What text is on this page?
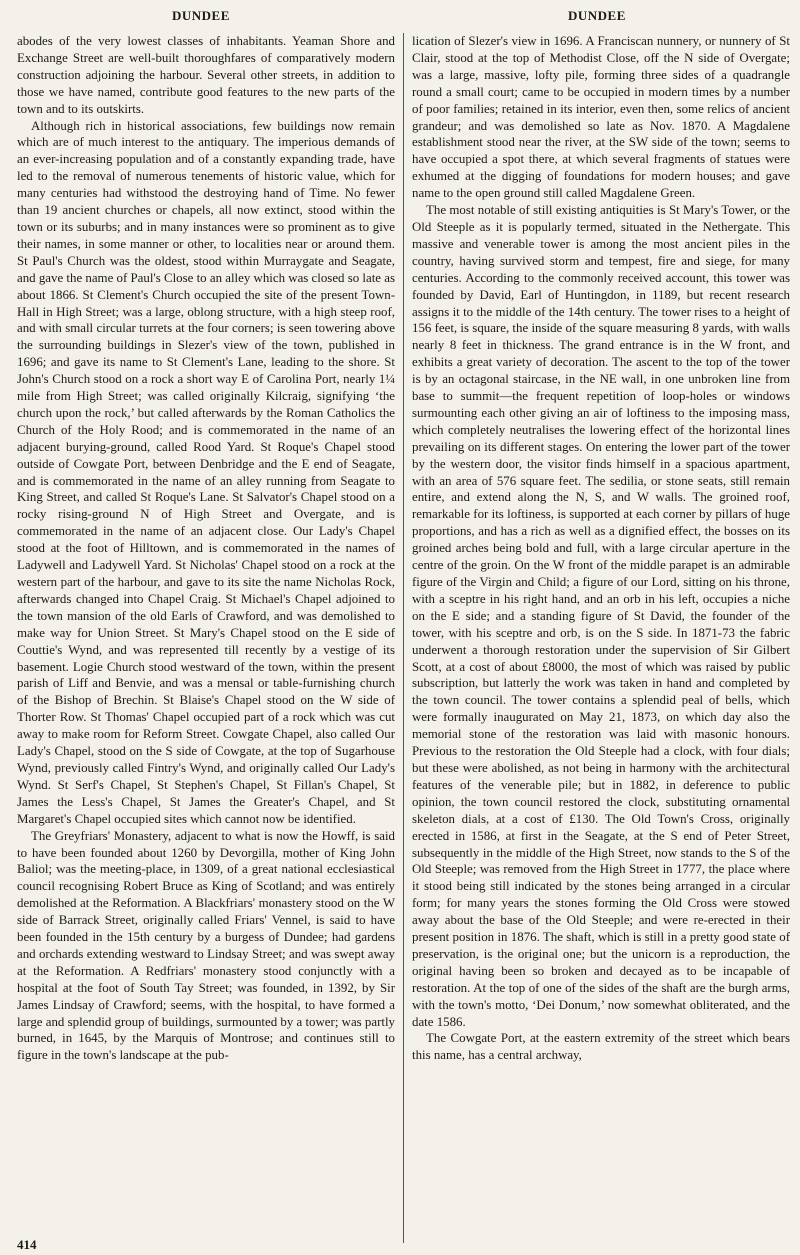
DUNDEE	DUNDEE

abodes of the very lowest classes of inhabitants. Yeaman Shore and Exchange Street are well-built thoroughfares of comparatively modern construction adjoining the harbour. Several other streets, in addition to those we have named, contribute good features to the new parts of the town and to its outskirts.

Although rich in historical associations, few buildings now remain which are of much interest to the antiquary. The imperious demands of an ever-increasing population and of a constantly expanding trade, have led to the removal of numerous tenements of historic value, which for many centuries had withstood the destroying hand of Time. No fewer than 19 ancient churches or chapels, all now extinct, stood within the town or its suburbs; and in many instances were so prominent as to give their names, in some manner or other, to localities near or around them. St Paul's Church was the oldest, stood within Murraygate and Seagate, and gave the name of Paul's Close to an alley which was closed so late as about 1866. St Clement's Church occupied the site of the present Town-Hall in High Street; was a large, oblong structure, with a high steep roof, and with small circular turrets at the four corners; is seen towering above the surrounding buildings in Slezer's view of the town, published in 1696; and gave its name to St Clement's Lane, leading to the shore. St John's Church stood on a rock a short way E of Carolina Port, nearly 1¼ mile from High Street; was called originally Kilcraig, signifying ‘the church upon the rock,’ but called afterwards by the Roman Catholics the Church of the Holy Rood; and is commemorated in the name of an adjacent burying-ground, called Rood Yard. St Roque's Chapel stood outside of Cowgate Port, between Denbridge and the E end of Seagate, and is commemorated in the name of an alley running from Seagate to King Street, and called St Roque's Lane. St Salvator's Chapel stood on a rocky rising-ground N of High Street and Overgate, and is commemorated in the name of an adjacent close. Our Lady's Chapel stood at the foot of Hilltown, and is commemorated in the names of Ladywell and Ladywell Yard. St Nicholas' Chapel stood on a rock at the western part of the harbour, and gave to its site the name Nicholas Rock, afterwards changed into Chapel Craig. St Michael's Chapel adjoined to the town mansion of the old Earls of Crawford, and was demolished to make way for Union Street. St Mary's Chapel stood on the E side of Couttie's Wynd, and was represented till recently by a vestige of its basement. Logie Church stood westward of the town, within the present parish of Liff and Benvie, and was a mensal or table-furnishing church of the Bishop of Brechin. St Blaise's Chapel stood on the W side of Thorter Row. St Thomas' Chapel occupied part of a rock which was cut away to make room for Reform Street. Cowgate Chapel, also called Our Lady's Chapel, stood on the S side of Cowgate, at the top of Sugarhouse Wynd, previously called Fintry's Wynd, and originally called Our Lady's Wynd. St Serf's Chapel, St Stephen's Chapel, St Fillan's Chapel, St James the Less's Chapel, St James the Greater's Chapel, and St Margaret's Chapel occupied sites which cannot now be identified.

The Greyfriars' Monastery, adjacent to what is now the Howff, is said to have been founded about 1260 by Devorgilla, mother of King John Baliol; was the meeting-place, in 1309, of a great national ecclesiastical council recognising Robert Bruce as King of Scotland; and was entirely demolished at the Reformation. A Blackfriars' monastery stood on the W side of Barrack Street, originally called Friars' Vennel, is said to have been founded in the 15th century by a burgess of Dundee; had gardens and orchards extending westward to Lindsay Street; and was swept away at the Reformation. A Redfriars' monastery stood conjunctly with a hospital at the foot of South Tay Street; was founded, in 1392, by Sir James Lindsay of Crawford; seems, with the hospital, to have formed a large and splendid group of buildings, surmounted by a tower; was partly burned, in 1645, by the Marquis of Montrose; and continues still to figure in the town's landscape at the pub-

lication of Slezer's view in 1696. A Franciscan nunnery, or nunnery of St Clair, stood at the top of Methodist Close, off the N side of Overgate; was a large, massive, lofty pile, forming three sides of a quadrangle round a small court; came to be occupied in modern times by a number of poor families; retained in its interior, even then, some relics of ancient grandeur; and was demolished so late as Nov. 1870. A Magdalene establishment stood near the river, at the SW side of the town; seems to have occupied a spot there, at which several fragments of statues were exhumed at the digging of foundations for modern houses; and gave name to the open ground still called Magdalene Green.

The most notable of still existing antiquities is St Mary's Tower, or the Old Steeple as it is popularly termed, situated in the Nethergate. This massive and venerable tower is among the most ancient piles in the country, having survived storm and tempest, fire and siege, for many centuries. According to the commonly received account, this tower was founded by David, Earl of Huntingdon, in 1189, but recent research assigns it to the middle of the 14th century. The tower rises to a height of 156 feet, is square, the inside of the square measuring 8 yards, with walls nearly 8 feet in thickness. The grand entrance is in the W front, and exhibits a great variety of decoration. The ascent to the top of the tower is by an octagonal staircase, in the NE wall, in one unbroken line from base to summit—the frequent repetition of loop-holes or windows surmounting each other giving an air of loftiness to the imposing mass, which completely neutralises the lowering effect of the horizontal lines prevailing on its different stages. On entering the lower part of the tower by the western door, the visitor finds himself in a spacious apartment, with an area of 576 square feet. The sedilia, or stone seats, still remain entire, and extend along the N, S, and W walls. The groined roof, remarkable for its loftiness, is supported at each corner by pillars of huge proportions, and has a rich as well as a dignified effect, the bosses on its groined arches being bold and full, with a large circular aperture in the centre of the groin. On the W front of the middle parapet is an admirable figure of the Virgin and Child; a figure of our Lord, sitting on his throne, with a sceptre in his right hand, and an orb in his left, occupies a niche on the E side; and a standing figure of St David, the founder of the tower, with his sceptre and orb, is on the S side. In 1871-73 the fabric underwent a thorough restoration under the supervision of Sir Gilbert Scott, at a cost of about £8000, the most of which was raised by public subscription, but latterly the work was taken in hand and completed by the town council. The tower contains a splendid peal of bells, which were formally inaugurated on May 21, 1873, on which day also the memorial stone of the restoration was laid with masonic honours. Previous to the restoration the Old Steeple had a clock, with four dials; but these were abolished, as not being in harmony with the architectural features of the venerable pile; but in 1882, in deference to public opinion, the town council restored the clock, substituting ornamental skeleton dials, at a cost of £130. The Old Town's Cross, originally erected in 1586, at first in the Seagate, at the S end of Peter Street, subsequently in the middle of the High Street, now stands to the S of the Old Steeple; was removed from the High Street in 1777, the place where it stood being still indicated by the stones being arranged in a circular form; for many years the stones forming the Old Cross were stowed away about the base of the Old Steeple; and were re-erected in their present position in 1876. The shaft, which is still in a pretty good state of preservation, is the original one; but the unicorn is a reproduction, the original having been so broken and decayed as to be incapable of restoration. At the top of one of the sides of the shaft are the burgh arms, with the town's motto, ‘Dei Donum,’ now somewhat obliterated, and the date 1586.

The Cowgate Port, at the eastern extremity of the street which bears this name, has a central archway,

414
